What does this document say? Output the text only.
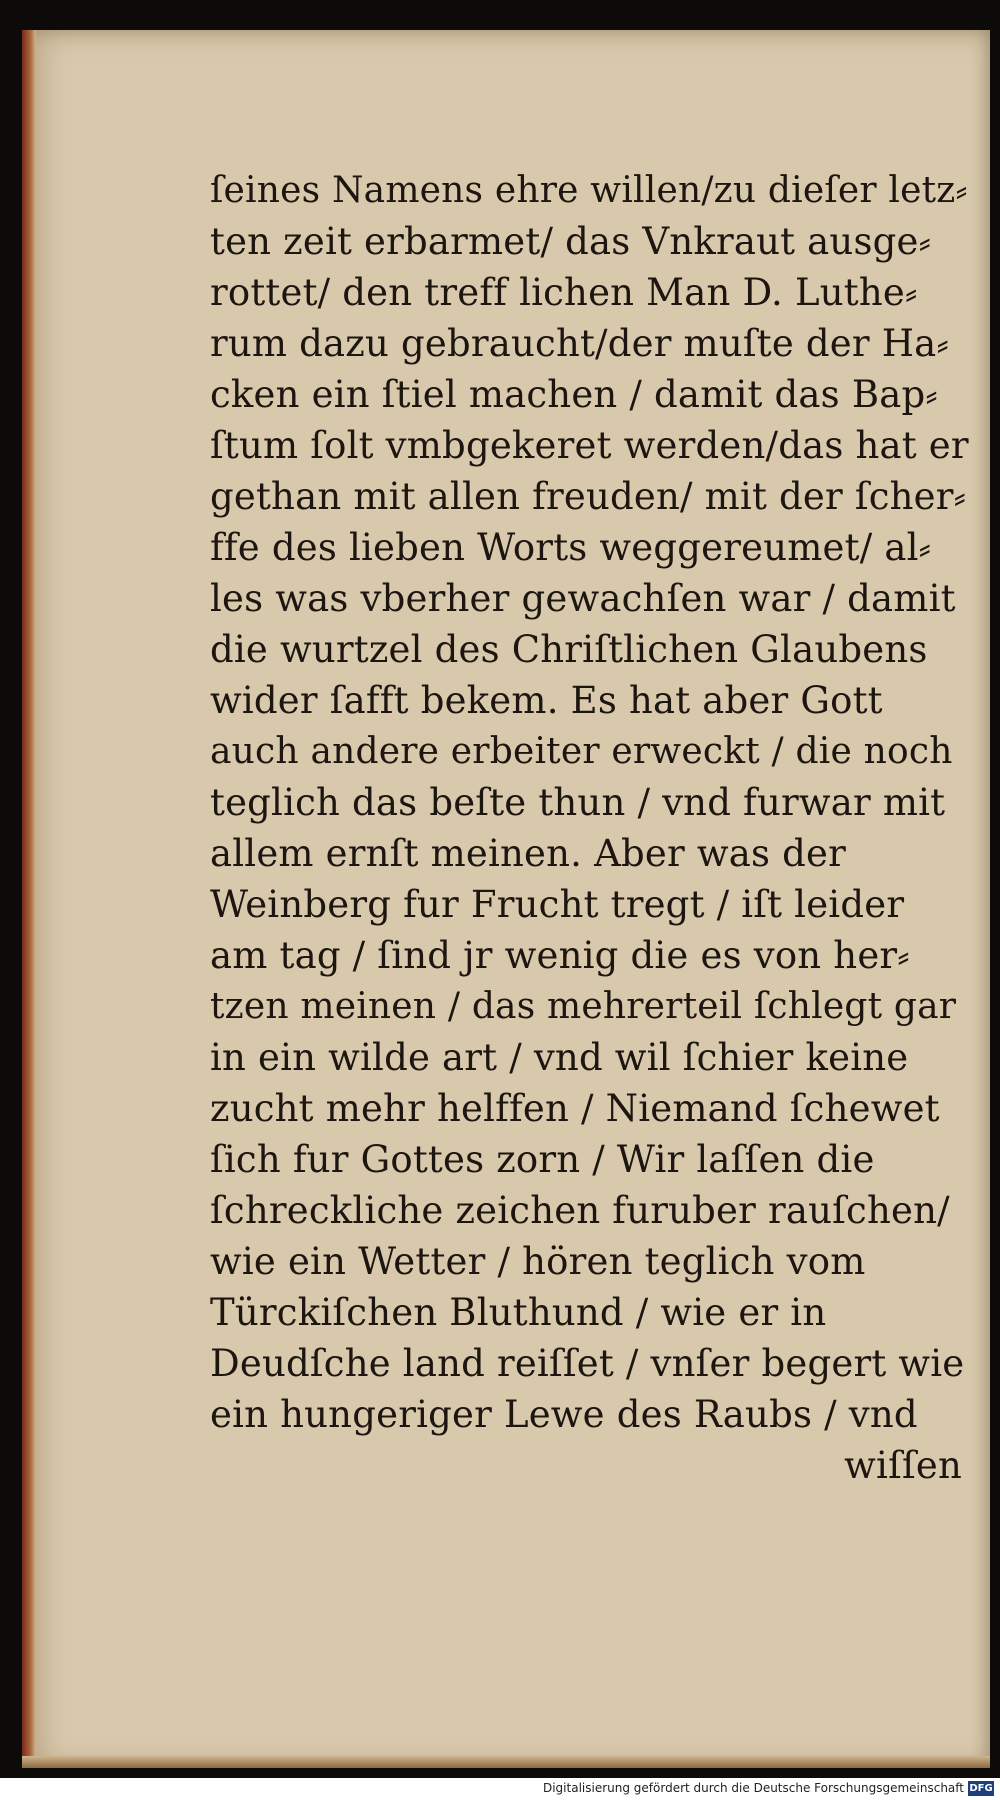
ſeines Namens ehre willen/zu dieſer letz⸗
ten zeit erbarmet/ das Vnkraut ausge⸗
rottet/ den treff lichen Man D. Luthe⸗
rum dazu gebraucht/der muſte der Ha⸗
cken ein ſtiel machen / damit das Bap⸗
ſtum ſolt vmbgekeret werden/das hat er
gethan mit allen freuden/ mit der ſcher⸗
ffe des lieben Worts weggereumet/ al⸗
les was vberher gewachſen war / damit
die wurtzel des Chriſtlichen Glaubens
wider ſafft bekem. Es hat aber Gott
auch andere erbeiter erweckt / die noch
teglich das beſte thun / vnd furwar mit
allem ernſt meinen. Aber was der
Weinberg fur Frucht tregt / iſt leider
am tag / ſind jr wenig die es von her⸗
tzen meinen / das mehrerteil ſchlegt gar
in ein wilde art / vnd wil ſchier keine
zucht mehr helffen / Niemand ſchewet
ſich fur Gottes zorn / Wir laſſen die
ſchreckliche zeichen furuber rauſchen/
wie ein Wetter / hören teglich vom
Türckiſchen Bluthund / wie er in
Deudſche land reiſſet / vnſer begert wie
ein hungeriger Lewe des Raubs / vnd
wiſſen
Digitalisierung gefördert durch die Deutsche Forschungsgemeinschaft DFG
